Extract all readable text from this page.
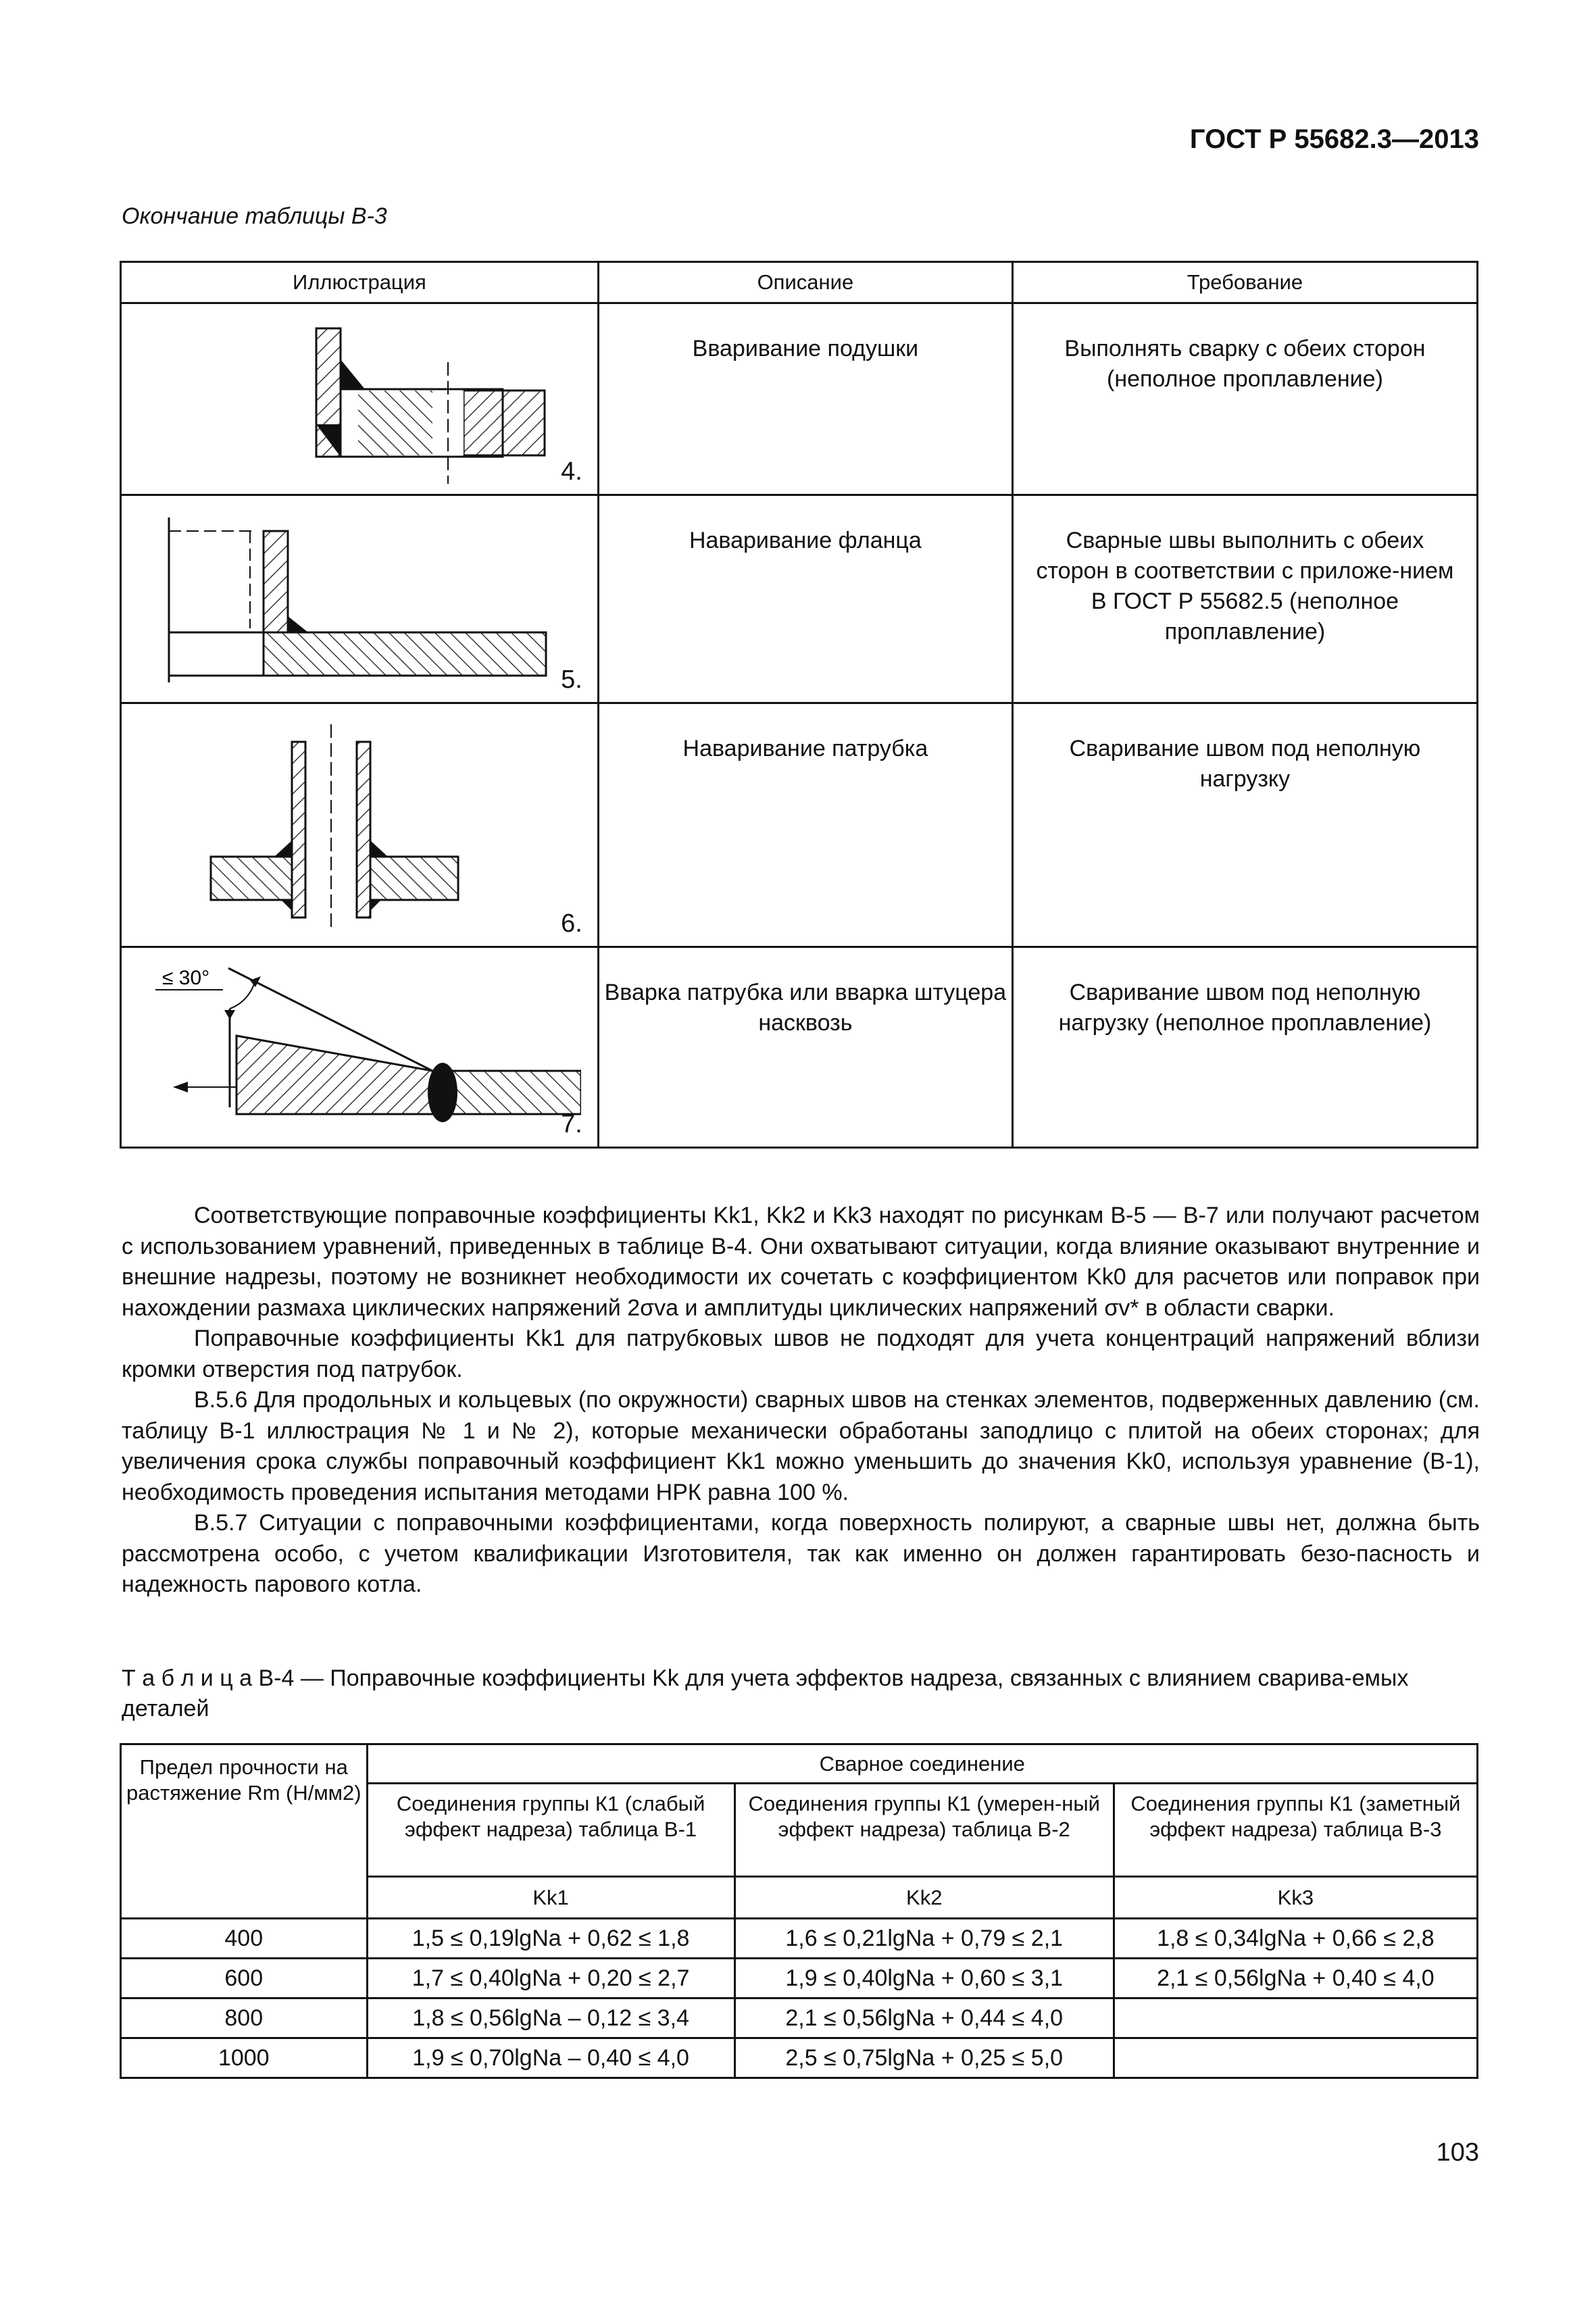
ГОСТ Р 55682.3—2013
Окончание таблицы В-3
Иллюстрация	Описание	Требование

4.	Вваривание подушки	Выполнять сварку с обеих сторон (неполное проплавление)

5.	Наваривание фланца	Сварные швы выполнить с обеих сторон в соответствии с приложе-нием В ГОСТ Р 55682.5 (неполное проплавление)

6.	Наваривание патрубка	Сваривание швом под неполную нагрузку

≤ 30°
7.	Вварка патрубка или вварка штуцера насквозь	Сваривание швом под неполную нагрузку (неполное проплавление)

Соответствующие поправочные коэффициенты Kk1, Kk2 и Kk3 находят по рисункам В-5 — В-7 или получают расчетом с использованием уравнений, приведенных в таблице В-4. Они охватывают ситуации, когда влияние оказывают внутренние и внешние надрезы, поэтому не возникнет необходимости их сочетать с коэффициентом Kk0 для расчетов или поправок при нахождении размаха циклических напряжений 2σva и амплитуды циклических напряжений σv* в области сварки.

Поправочные коэффициенты Kk1 для патрубковых швов не подходят для учета концентраций напряжений вблизи кромки отверстия под патрубок.

В.5.6 Для продольных и кольцевых (по окружности) сварных швов на стенках элементов, подверженных давлению (см. таблицу В-1 иллюстрация № 1 и № 2), которые механически обработаны заподлицо с плитой на обеих сторонах; для увеличения срока службы поправочный коэффициент Kk1 можно уменьшить до значения Kk0, используя уравнение (В-1), необходимость проведения испытания методами НРК равна 100 %.

В.5.7 Ситуации с поправочными коэффициентами, когда поверхность полируют, а сварные швы нет, должна быть рассмотрена особо, с учетом квалификации Изготовителя, так как именно он должен гарантировать безо-пасность и надежность парового котла.

Т а б л и ц а В-4 — Поправочные коэффициенты Kk для учета эффектов надреза, связанных с влиянием сварива-емых деталей
Предел прочности на растяжение Rm (Н/мм2)	Сварное соединение		
	Соединения группы К1 (слабый эффект надреза) таблица В-1	Соединения группы К1 (умерен-ный эффект надреза) таблица В-2	Соединения группы К1 (заметный эффект надреза) таблица В-3
	Kk1	Kk2	Kk3
400	1,5 ≤ 0,19lgNa + 0,62 ≤ 1,8	1,6 ≤ 0,21lgNa + 0,79 ≤ 2,1	1,8 ≤ 0,34lgNa + 0,66 ≤ 2,8
600	1,7 ≤ 0,40lgNa + 0,20 ≤ 2,7	1,9 ≤ 0,40lgNa + 0,60 ≤ 3,1	2,1 ≤ 0,56lgNa + 0,40 ≤ 4,0
800	1,8 ≤ 0,56lgNa – 0,12 ≤ 3,4	2,1 ≤ 0,56lgNa + 0,44 ≤ 4,0	
1000	1,9 ≤ 0,70lgNa – 0,40 ≤ 4,0	2,5 ≤ 0,75lgNa + 0,25 ≤ 5,0	
103
